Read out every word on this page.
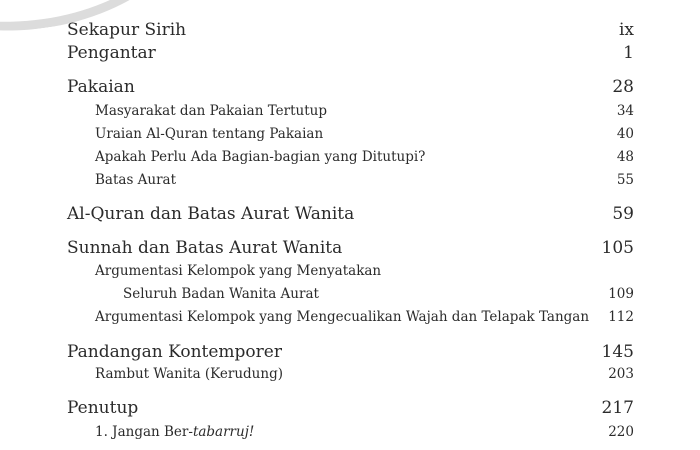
Sekapur Sirih	ix
Pengantar	1
Pakaian	28
Masyarakat dan Pakaian Tertutup	34
Uraian Al-Quran tentang Pakaian	40
Apakah Perlu Ada Bagian-bagian yang Ditutupi?	48
Batas Aurat	55
Al-Quran dan Batas Aurat Wanita	59
Sunnah dan Batas Aurat Wanita	105
Argumentasi Kelompok yang Menyatakan
Seluruh Badan Wanita Aurat	109
Argumentasi Kelompok yang Mengecualikan Wajah dan Telapak Tangan 112
Pandangan Kontemporer	145
Rambut Wanita (Kerudung)	203
Penutup	217
1. Jangan Ber-tabarruj!	220
